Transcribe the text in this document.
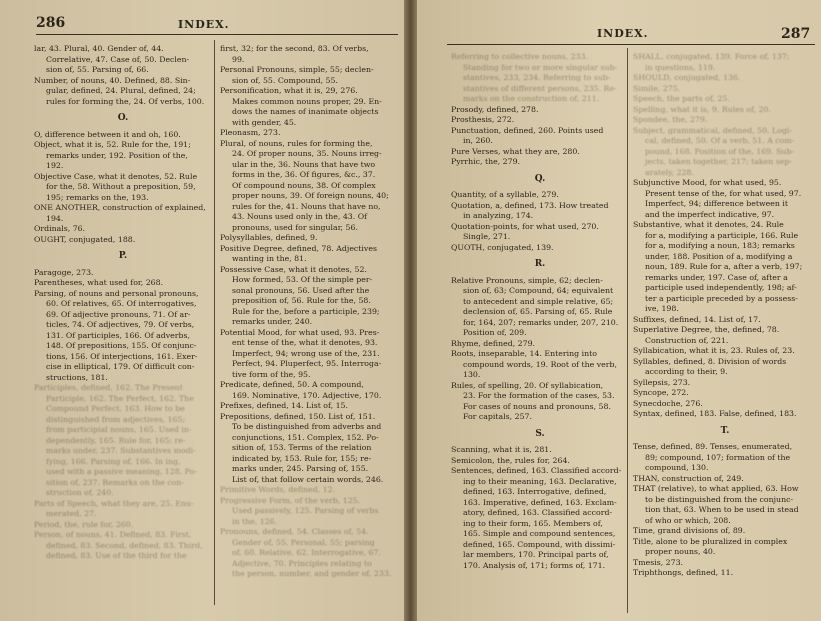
286	INDEX.
lar, 43. Plural, 40. Gender of, 44.
Correlative, 47. Case of, 50. Declen-
sion of, 55. Parsing of, 66.
Number, of nouns, 40. Defined, 88. Sin-
gular, defined, 24. Plural, defined, 24;
rules for forming the, 24. Of verbs, 100.
O.
O, difference between it and oh, 160.
Object, what it is, 52. Rule for the, 191;
remarks under, 192. Position of the,
192.
Objective Case, what it denotes, 52. Rule
for the, 58. Without a preposition, 59,
195; remarks on the, 193.
ONE ANOTHER, construction of explained,
194.
Ordinals, 76.
OUGHT, conjugated, 188.
P.
Paragoge, 273.
Parentheses, what used for, 268.
Parsing, of nouns and personal pronouns,
60. Of relatives, 65. Of interrogatives,
69. Of adjective pronouns, 71. Of ar-
ticles, 74. Of adjectives, 79. Of verbs,
131. Of participles, 166. Of adverbs,
148. Of prepositions, 155. Of conjunc-
tions, 156. Of interjections, 161. Exer-
cise in elliptical, 179. Of difficult con-
structions, 181.
Participles, defined, 162. The Present
Participle, 162. The Perfect, 162. The
Compound Perfect, 163. How to be
distinguished from adjectives, 165;
from participial nouns, 165. Used in-
dependently, 165. Rule for, 165; re-
marks under, 237. Substantives modi-
fying, 166. Parsing of, 166. In ing,
used with a passive meaning, 128. Po-
sition of, 237. Remarks on the con-
struction of, 240.
Parts of Speech, what they are, 25. Enu-
merated, 27.
Period, the, rule for, 260.
Person, of nouns, 41. Defined, 83. First,
defined, 83. Second, defined, 83. Third,
defined, 83. Use of the third for the
first, 32; for the second, 83. Of verbs,
99.
Personal Pronouns, simple, 55; declen-
sion of, 55. Compound, 55.
Personification, what it is, 29, 276.
Makes common nouns proper, 29. En-
dows the names of inanimate objects
with gender, 45.
Pleonasm, 273.
Plural, of nouns, rules for forming the,
24. Of proper nouns, 35. Nouns irreg-
ular in the, 36. Nouns that have two
forms in the, 36. Of figures, &c., 37.
Of compound nouns, 38. Of complex
proper nouns, 39. Of foreign nouns, 40;
rules for the, 41. Nouns that have no,
43. Nouns used only in the, 43. Of
pronouns, used for singular, 56.
Polysyllables, defined, 9.
Positive Degree, defined, 78. Adjectives
wanting in the, 81.
Possessive Case, what it denotes, 52.
How formed, 53. Of the simple per-
sonal pronouns, 56. Used after the
preposition of, 56. Rule for the, 58.
Rule for the, before a participle, 239;
remarks under, 240.
Potential Mood, for what used, 93. Pres-
ent tense of the, what it denotes, 93.
Imperfect, 94; wrong use of the, 231.
Perfect, 94. Pluperfect, 95. Interroga-
tive form of the, 95.
Predicate, defined, 50. A compound,
169. Nominative, 170. Adjective, 170.
Prefixes, defined, 14. List of, 15.
Prepositions, defined, 150. List of, 151.
To be distinguished from adverbs and
conjunctions, 151. Complex, 152. Po-
sition of, 153. Terms of the relation
indicated by, 153. Rule for, 155; re-
marks under, 245. Parsing of, 155.
List of, that follow certain words, 246.
Primitive Words, defined, 12.
Progressive Form, of the verb, 125.
Used passively, 125. Parsing of verbs
in the, 126.
Pronouns, defined, 54. Classes of, 54.
Gender of, 55. Personal, 55; parsing
of, 60. Relative, 62. Interrogative, 67.
Adjective, 70. Principles relating to
the person, number, and gender of, 233.
INDEX.	287
Referring to collective nouns, 233.
Standing for two or more singular sub-
stantives, 233, 234. Referring to sub-
stantives of different persons, 235. Re-
marks on the construction of, 211.
Prosody, defined, 278.
Prosthesis, 272.
Punctuation, defined, 260. Points used
in, 260.
Pure Verses, what they are, 280.
Pyrrhic, the, 279.
Q.
Quantity, of a syllable, 279.
Quotation, a, defined, 173. How treated
in analyzing, 174.
Quotation-points, for what used, 270.
Single, 271.
QUOTH, conjugated, 139.
R.
Relative Pronouns, simple, 62; declen-
sion of, 63; Compound, 64; equivalent
to antecedent and simple relative, 65;
declension of, 65. Parsing of, 65. Rule
for, 164, 207; remarks under, 207, 210.
Position of, 209.
Rhyme, defined, 279.
Roots, inseparable, 14. Entering into
compound words, 19. Root of the verb,
130.
Rules, of spelling, 20. Of syllabication,
23. For the formation of the cases, 53.
For cases of nouns and pronouns, 58.
For capitals, 257.
S.
Scanning, what it is, 281.
Semicolon, the, rules for, 264.
Sentences, defined, 163. Classified accord-
ing to their meaning, 163. Declarative,
defined, 163. Interrogative, defined,
163. Imperative, defined, 163. Exclam-
atory, defined, 163. Classified accord-
ing to their form, 165. Members of,
165. Simple and compound sentences,
defined, 165. Compound, with dissimi-
lar members, 170. Principal parts of,
170. Analysis of, 171; forms of, 171.
SHALL, conjugated, 139. Force of, 137;
in questions, 119.
SHOULD, conjugated, 136.
Simile, 275.
Speech, the parts of, 25.
Spelling, what it is, 9. Rules of, 20.
Spondee, the, 279.
Subject, grammatical, defined, 50. Logi-
cal, defined, 50. Of a verb, 51. A com-
pound, 168. Position of the, 169. Sub-
jects, taken together, 217; taken sep-
arately, 228.
Subjunctive Mood, for what used, 95.
Present tense of the, for what used, 97.
Imperfect, 94; difference between it
and the imperfect indicative, 97.
Substantive, what it denotes, 24. Rule
for a, modifying a participle, 166. Rule
for a, modifying a noun, 183; remarks
under, 188. Position of a, modifying a
noun, 189. Rule for a, after a verb, 197;
remarks under, 197. Case of, after a
participle used independently, 198; af-
ter a participle preceded by a possess-
ive, 198.
Suffixes, defined, 14. List of, 17.
Superlative Degree, the, defined, 78.
Construction of, 221.
Syllabication, what it is, 23. Rules of, 23.
Syllables, defined, 8. Division of words
according to their, 9.
Syllepsis, 273.
Syncope, 272.
Synecdoche, 276.
Syntax, defined, 183. False, defined, 183.
T.
Tense, defined, 89. Tenses, enumerated,
89; compound, 107; formation of the
compound, 130.
THAN, construction of, 249.
THAT (relative), to what applied, 63. How
to be distinguished from the conjunc-
tion that, 63. When to be used in stead
of who or which, 208.
Time, grand divisions of, 89.
Title, alone to be pluralized in complex
proper nouns, 40.
Tmesis, 273.
Triphthongs, defined, 11.
